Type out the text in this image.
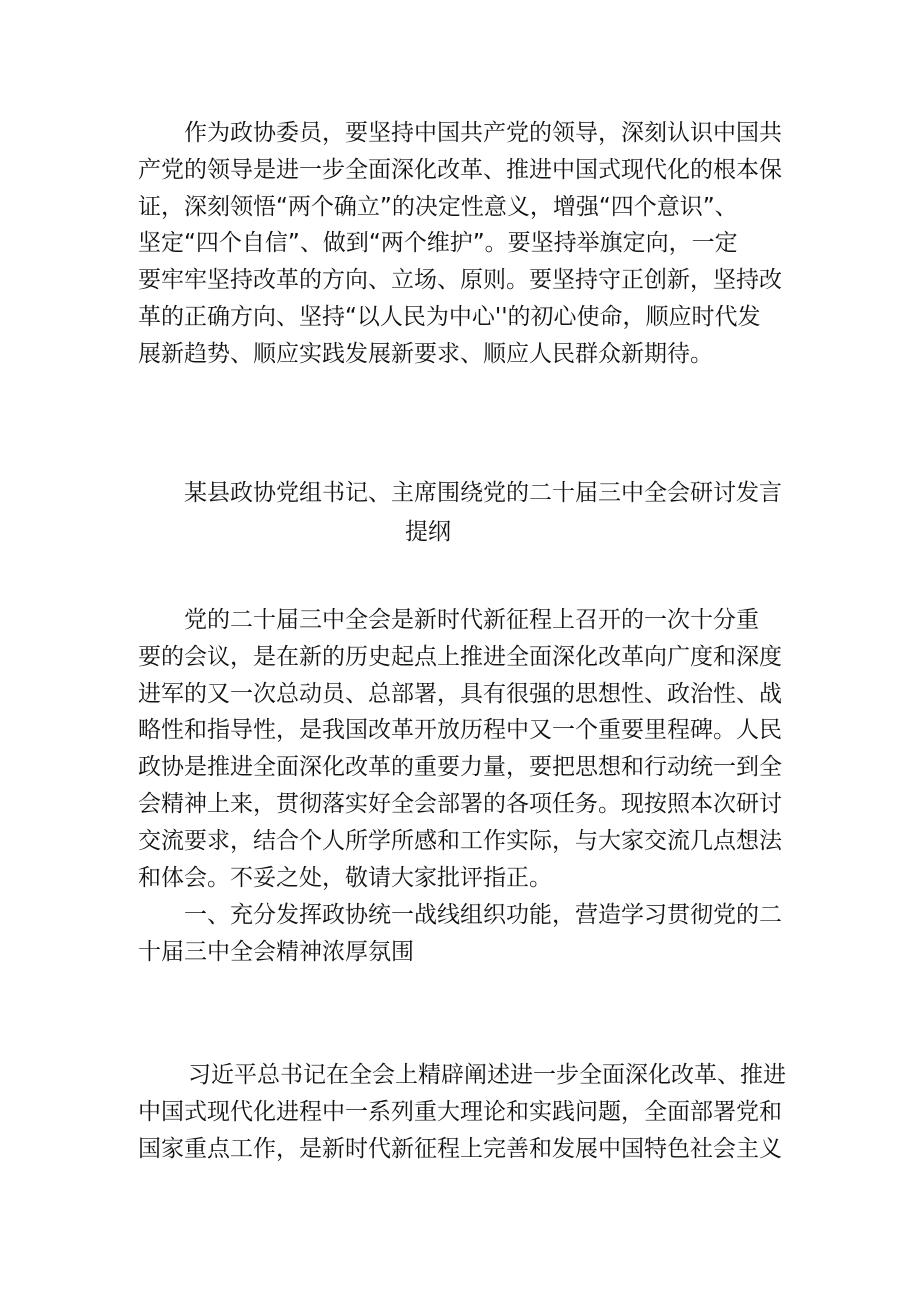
作为政协委员，要坚持中国共产党的领导，深刻认识中国共
产党的领导是进一步全面深化改革、推进中国式现代化的根本保
证，深刻领悟“两个确立”的决定性意义，增强“四个意识”、
坚定“四个自信”、做到“两个维护”。要坚持举旗定向，一定
要牢牢坚持改革的方向、立场、原则。要坚持守正创新，坚持改
革的正确方向、坚持“以人民为中心''的初心使命，顺应时代发
展新趋势、顺应实践发展新要求、顺应人民群众新期待。
某县政协党组书记、主席围绕党的二十届三中全会研讨发言
提纲
党的二十届三中全会是新时代新征程上召开的一次十分重
要的会议，是在新的历史起点上推进全面深化改革向广度和深度
进军的又一次总动员、总部署，具有很强的思想性、政治性、战
略性和指导性，是我国改革开放历程中又一个重要里程碑。人民
政协是推进全面深化改革的重要力量，要把思想和行动统一到全
会精神上来，贯彻落实好全会部署的各项任务。现按照本次研讨
交流要求，结合个人所学所感和工作实际，与大家交流几点想法
和体会。不妥之处，敬请大家批评指正。
一、充分发挥政协统一战线组织功能，营造学习贯彻党的二
十届三中全会精神浓厚氛围
习近平总书记在全会上精辟阐述进一步全面深化改革、推进
中国式现代化进程中一系列重大理论和实践问题，全面部署党和
国家重点工作，是新时代新征程上完善和发展中国特色社会主义
